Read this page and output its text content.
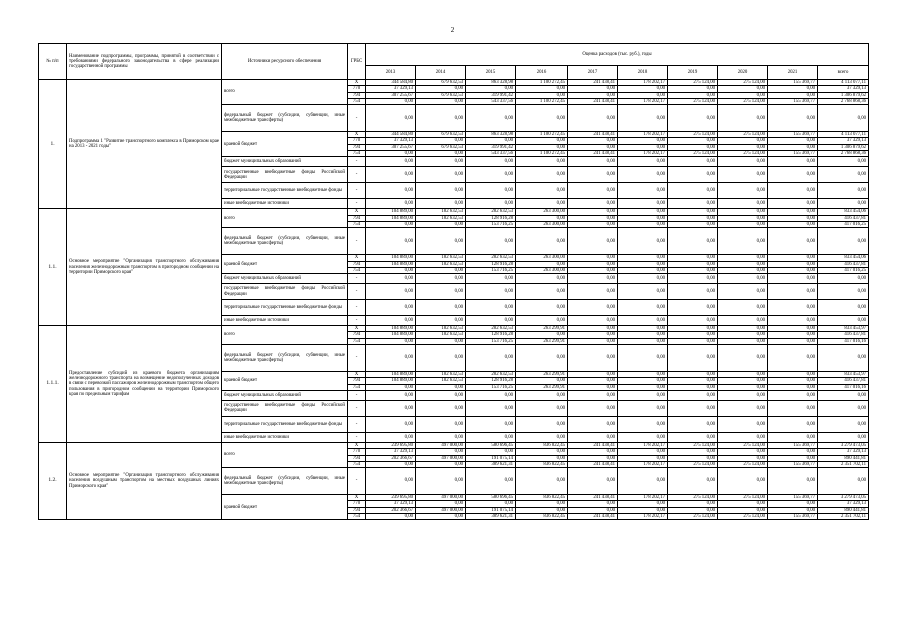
2
№ п/п	Наименование подпрограммы, программы, принятой в соответствии с требованиями федерального законодательства в сфере реализации государственной программы	Источники ресурсного обеспечения	ГРБС	Оценка расходов (тыс. руб.), годы									
				2013	2014	2015	2016	2017	2018	2019	2020	2021	всего
1.	Подпрограмма 1 "Развитие транспортного комплекса в Приморском крае на 2013 - 2021 годы"	всего	X	344 584,80	679 632,53	863 328,98	1 100 272,45	241 438,41	178 202,17	275 124,00	275 124,00	155 369,77	4 113 077,11
			770	37 329,13	0,00	0,00	0,00	0,00	0,00	0,00	0,00	0,00	37 329,13
			794	307 255,67	679 632,53	319 991,42	0,00	0,00	0,00	0,00	0,00	0,00	1 306 879,62
			754	0,00	0,00	543 337,56	1 100 272,45	241 438,41	178 202,17	275 124,00	275 124,00	155 369,77	2 768 868,36
		федеральный бюджет (субсидии, субвенции, иные межбюджетные трансферты)	-	0,00	0,00	0,00	0,00	0,00	0,00	0,00	0,00	0,00	0,00
		краевой бюджет	X	344 584,80	679 632,53	863 328,98	1 100 272,45	241 438,41	178 202,17	275 124,00	275 124,00	155 369,77	4 113 077,11
			770	37 329,13	0,00	0,00	0,00	0,00	0,00	0,00	0,00	0,00	37 329,13
			794	307 255,67	679 632,53	319 991,42	0,00	0,00	0,00	0,00	0,00	0,00	1 306 879,62
			754	0,00	0,00	543 337,56	1 100 272,45	241 438,41	178 202,17	275 124,00	275 124,00	155 369,77	2 768 868,36
		бюджет муниципальных образований	-	0,00	0,00	0,00	0,00	0,00	0,00	0,00	0,00	0,00	0,00
		государственные внебюджетные фонды Российской Федерации	-	0,00	0,00	0,00	0,00	0,00	0,00	0,00	0,00	0,00	0,00
		территориальные государственные внебюджетные фонды	-	0,00	0,00	0,00	0,00	0,00	0,00	0,00	0,00	0,00	0,00
		иные внебюджетные источники	-	0,00	0,00	0,00	0,00	0,00	0,00	0,00	0,00	0,00	0,00
1.1.	Основное мероприятие "Организация транспортного обслуживания населения железнодорожным транспортом в пригородном сообщении на территории Приморского края"	всего	X	104 889,00	182 632,53	282 632,53	263 300,00	0,00	0,00	0,00	0,00	0,00	833 454,06
			794	104 889,00	182 632,53	128 916,28	0,00	0,00	0,00	0,00	0,00	0,00	416 437,81
			754	0,00	0,00	153 716,25	263 300,00	0,00	0,00	0,00	0,00	0,00	417 016,25
		федеральный бюджет (субсидии, субвенции, иные межбюджетные трансферты)	-	0,00	0,00	0,00	0,00	0,00	0,00	0,00	0,00	0,00	0,00
		краевой бюджет	X	104 889,00	182 632,53	282 632,53	263 300,00	0,00	0,00	0,00	0,00	0,00	833 454,06
			794	104 889,00	182 632,53	128 916,28	0,00	0,00	0,00	0,00	0,00	0,00	416 437,81
			754	0,00	0,00	153 716,25	263 300,00	0,00	0,00	0,00	0,00	0,00	417 016,25
		бюджет муниципальных образований	-	0,00	0,00	0,00	0,00	0,00	0,00	0,00	0,00	0,00	0,00
		государственные внебюджетные фонды Российской Федерации	-	0,00	0,00	0,00	0,00	0,00	0,00	0,00	0,00	0,00	0,00
		территориальные государственные внебюджетные фонды	-	0,00	0,00	0,00	0,00	0,00	0,00	0,00	0,00	0,00	0,00
		иные внебюджетные источники	-	0,00	0,00	0,00	0,00	0,00	0,00	0,00	0,00	0,00	0,00
1.1.1.	Предоставление субсидий из краевого бюджета организациям железнодорожного транспорта на возмещение недополученных доходов в связи с перевозкой пассажиров железнодорожным транспортом общего пользования в пригородном сообщении на территории Приморского края по предельным тарифам	всего	X	104 889,00	182 632,53	282 632,53	263 299,91	0,00	0,00	0,00	0,00	0,00	833 453,97
			794	104 889,00	182 632,53	128 916,28	0,00	0,00	0,00	0,00	0,00	0,00	416 437,81
			754	0,00	0,00	153 716,25	263 299,91	0,00	0,00	0,00	0,00	0,00	417 016,16
		федеральный бюджет (субсидии, субвенции, иные межбюджетные трансферты)	-	0,00	0,00	0,00	0,00	0,00	0,00	0,00	0,00	0,00	0,00
		краевой бюджет	X	104 889,00	182 632,53	282 632,53	263 299,91	0,00	0,00	0,00	0,00	0,00	833 453,97
			794	104 889,00	182 632,53	128 916,28	0,00	0,00	0,00	0,00	0,00	0,00	416 437,81
			754	0,00	0,00	153 716,25	263 299,91	0,00	0,00	0,00	0,00	0,00	417 016,16
		бюджет муниципальных образований	-	0,00	0,00	0,00	0,00	0,00	0,00	0,00	0,00	0,00	0,00
		государственные внебюджетные фонды Российской Федерации	-	0,00	0,00	0,00	0,00	0,00	0,00	0,00	0,00	0,00	0,00
		территориальные государственные внебюджетные фонды	-	0,00	0,00	0,00	0,00	0,00	0,00	0,00	0,00	0,00	0,00
		иные внебюджетные источники	-	0,00	0,00	0,00	0,00	0,00	0,00	0,00	0,00	0,00	0,00
1.2.	Основное мероприятие "Организация транспортного обслуживания населения воздушным транспортом на местных воздушных линиях Приморского края"	всего	X	239 695,80	497 000,00	580 696,45	836 822,45	241 438,41	178 202,17	275 124,00	275 124,00	155 369,77	3 279 473,05
			770	37 329,13	0,00	0,00	0,00	0,00	0,00	0,00	0,00	0,00	37 329,13
			794	202 366,67	497 000,00	191 075,14	0,00	0,00	0,00	0,00	0,00	0,00	890 441,81
			754	0,00	0,00	389 621,31	836 822,45	241 438,41	178 202,17	275 124,00	275 124,00	155 369,77	2 351 702,11
		федеральный бюджет (субсидии, субвенции, иные межбюджетные трансферты)	-	0,00	0,00	0,00	0,00	0,00	0,00	0,00	0,00	0,00	0,00
		краевой бюджет	X	239 695,80	497 000,00	580 696,45	836 822,45	241 438,41	178 202,17	275 124,00	275 124,00	155 369,77	3 279 473,05
			770	37 329,13	0,00	0,00	0,00	0,00	0,00	0,00	0,00	0,00	37 329,13
			794	202 366,67	497 000,00	191 075,14	0,00	0,00	0,00	0,00	0,00	0,00	890 441,81
			754	0,00	0,00	389 621,31	836 822,45	241 438,41	178 202,17	275 124,00	275 124,00	155 369,77	2 351 702,11
